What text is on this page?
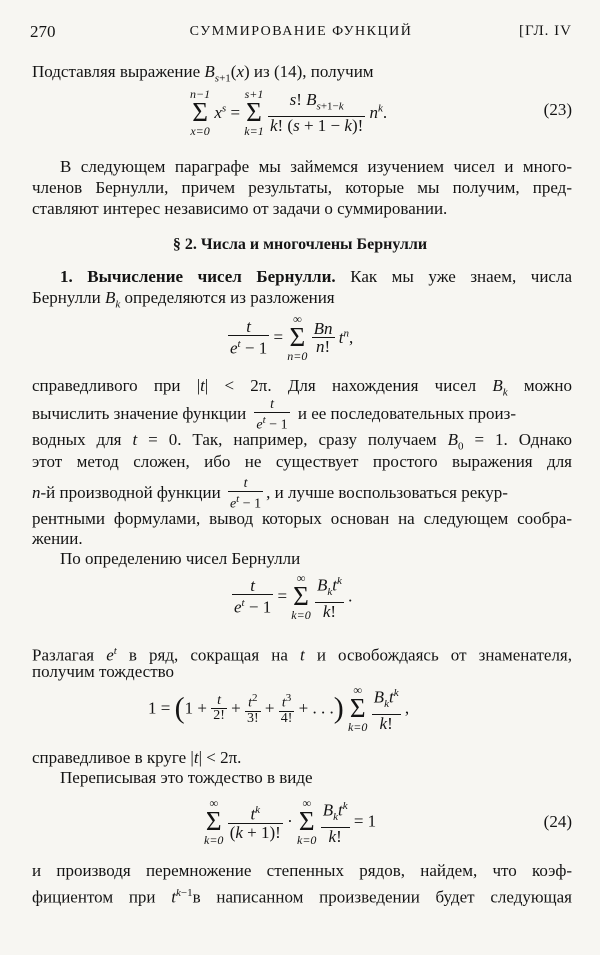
270	СУММИРОВАНИЕ ФУНКЦИЙ	[ГЛ. IV
Подставляя выражение $B_{s+1}(x)$ из (14), получим
n−1
Σ
x=0
$x^s$ =
s+1
Σ
k=1
$\frac{s! B_{s+1-k}}{k! (s + 1 - k)!} n^k$.	(23)
В следующем параграфе мы займемся изучением чисел и много-
членов Бернулли, причем результаты, которые мы получим, пред-
ставляют интерес независимо от задачи о суммировании.
§ 2. Числа и многочлены Бернулли
1. Вычисление чисел Бернулли. Как мы уже знаем, числа
Бернулли $B_k$ определяются из разложения
$\frac{t}{e^t - 1}$ =
∞
Σ
n=0

$\frac{Bn}{n!} t^n$,
справедливого при |t| < 2π. Для нахождения чисел $B_k$ можно
вычислить значение функции $\frac{t}{e^t - 1}$ и ее последовательных произ-
водных для t = 0. Так, например, сразу получаем $B_0 = 1$. Однако
этот метод сложен, ибо не существует простого выражения для
n-й производной функции $\frac{t}{e^t - 1}$ , и лучше воспользоваться рекур-
рентными формулами, вывод которых основан на следующем сообра-
жении.
По определению чисел Бернулли
$\frac{t}{e^t - 1}$ =
∞
Σ
k=0

$B_kt^k$
k!
.
Разлагая $e^t$ в ряд, сокращая на t и освобождаясь от знаменателя,
получим тождество
$1 = (1 + \frac{t}{2!} + \frac{t^2}{3!} + \frac{t^3}{4!}$ + . . .)
∞
Σ
k=0

$B_kt^k$
k!
,
справедливое в круге |t| < 2π.
Переписывая это тождество в виде
∞
Σ
k=0
$\frac{t^k}{(k + 1)!}$ ·
∞
Σ
k=0

$B_kt^k$
k!
= 1	(24)
и производя перемножение степенных рядов, найдем, что коэф-
фициентом при $t^{k-1}в$ написанном произведении будет следующая
